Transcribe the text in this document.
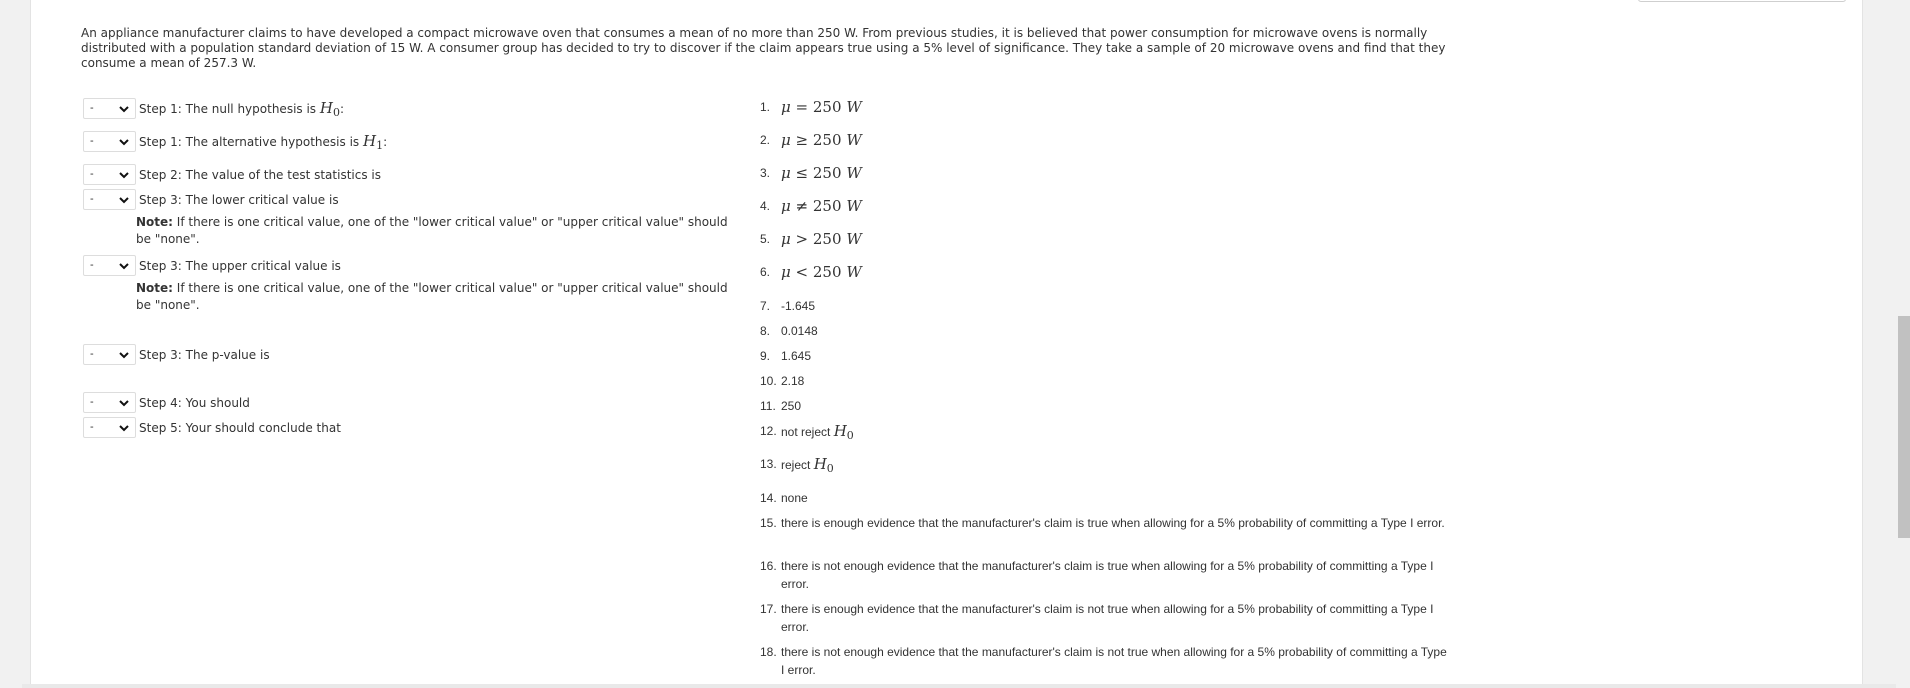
An appliance manufacturer claims to have developed a compact microwave oven that consumes a mean of no more than 250 W. From previous studies, it is believed that power consumption for microwave ovens is normally distributed with a population standard deviation of 15 W. A consumer group has decided to try to discover if the claim appears true using a 5% level of significance. They take a sample of 20 microwave ovens and find that they consume a mean of 257.3 W.
-	Step 1: The null hypothesis is $H_0$:
-	Step 1: The alternative hypothesis is $H_1$:
-	Step 2: The value of the test statistics is
-	Step 3: The lower critical value is
Note: If there is one critical value, one of the "lower critical value" or "upper critical value" should be "none".
-	Step 3: The upper critical value is
Note: If there is one critical value, one of the "lower critical value" or "upper critical value" should be "none".
-	Step 3: The p-value is
-	Step 4: You should
-	Step 5: Your should conclude that
1. μ = 250 W
2. μ ≥ 250 W
3. μ ≤ 250 W
4. μ ≠ 250 W
5. μ > 250 W
6. μ < 250 W
7. -1.645
8. 0.0148
9. 1.645
10. 2.18
11. 250
12. not reject $H_0$
13. reject $H_0$
14. none
15. there is enough evidence that the manufacturer's claim is true when allowing for a 5% probability of committing a Type I error.
16. there is not enough evidence that the manufacturer's claim is true when allowing for a 5% probability of committing a Type I error.
17. there is enough evidence that the manufacturer's claim is not true when allowing for a 5% probability of committing a Type I error.
18. there is not enough evidence that the manufacturer's claim is not true when allowing for a 5% probability of committing a Type I error.
